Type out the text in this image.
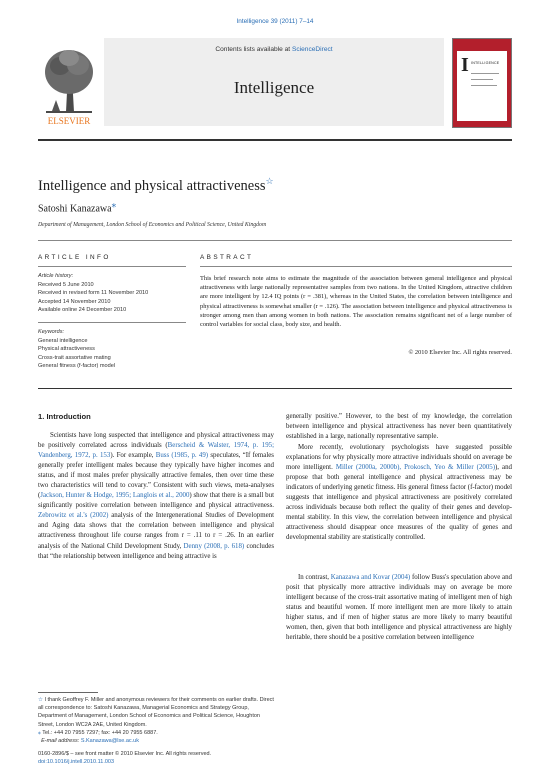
Intelligence 39 (2011) 7–14
ELSEVIER
Contents lists available at ScienceDirect
Intelligence
I INTELLIGENCE
Intelligence and physical attractiveness☆
Satoshi Kanazawa⁎
Department of Management, London School of Economics and Political Science, United Kingdom
ARTICLE INFO
Article history:
Received 5 June 2010
Received in revised form 11 November 2010
Accepted 14 November 2010
Available online 24 December 2010
Keywords:
General intelligence
Physical attractiveness
Cross-trait assortative mating
General fitness (f-factor) model
ABSTRACT
This brief research note aims to estimate the magnitude of the association between general intelligence and physical attractiveness with large nationally representative samples from two nations. In the United Kingdom, attractive children are more intelligent by 12.4 IQ points (r = .381), whereas in the United States, the correlation between intelligence and physical attractiveness is somewhat smaller (r = .126). The association between intelligence and physical attractiveness is stronger among men than among women in both nations. The association remains significant net of a large number of control variables for social class, body size, and health.
© 2010 Elsevier Inc. All rights reserved.
1. Introduction
Scientists have long suspected that intelligence and physical attractiveness may be positively correlated across individuals (Berscheid & Walster, 1974, p. 195; Vandenberg, 1972, p. 153). For example, Buss (1985, p. 49) speculates, “If females generally prefer intelligent males because they typically have higher incomes and status, and if most males prefer physically attractive females, then over time these two characteristics will tend to covary.” Consistent with such views, meta-analyses (Jackson, Hunter & Hodge, 1995; Langlois et al., 2000) show that there is a small but significantly positive correlation between intelligence and physical attractiveness. Zebrowitz et al.'s (2002) analysis of the Intergenerational Studies of Development and Aging data shows that the correlation between intelligence and physical attractiveness throughout life course ranges from r = .11 to r = .26. In an earlier analysis of the National Child Development Study, Denny (2008, p. 618) concludes that “the relationship between intelligence and being attractive is
generally positive.” However, to the best of my knowledge, the correlation between intelligence and physical attractiveness has never been quantitatively established in a large, nationally representative sample.
More recently, evolutionary psychologists have suggested possible explanations for why physically more attractive individuals should on average be more intelligent. Miller (2000a, 2000b), Prokosch, Yeo & Miller (2005)), and propose that both general intelligence and physical attractiveness may be indicators of underlying genetic fitness. His general fitness factor (f-factor) model suggests that intelligence and physical attractiveness are positively correlated across individuals because both reflect the quality of their genes and develop-mental stability. In this view, the correlation between intelligence and physical attractiveness should disappear once measures of the quality of genes and developmental stability are statistically controlled.
In contrast, Kanazawa and Kovar (2004) follow Buss's speculation above and posit that physically more attractive individuals may on average be more intelligent because of the cross-trait assortative mating of intelligent men of high status and beautiful women. If more intelligent men are more likely to attain higher status, and if men of higher status are more likely to marry beautiful women, then, given that both intelligence and physical attractiveness are highly heritable, there should be a positive correlation between intelligence
☆ I thank Geoffrey F. Miller and anonymous reviewers for their comments on earlier drafts. Direct all correspondence to: Satoshi Kanazawa, Managerial Economics and Strategy Group, Department of Management, London School of Economics and Political Science, Houghton Street, London WC2A 2AE, United Kingdom.
⁎ Tel.: +44 20 7955 7297; fax: +44 20 7955 6887.
E-mail address: S.Kanazawa@lse.ac.uk
0160-2896/$ – see front matter © 2010 Elsevier Inc. All rights reserved.
doi:10.1016/j.intell.2010.11.003
